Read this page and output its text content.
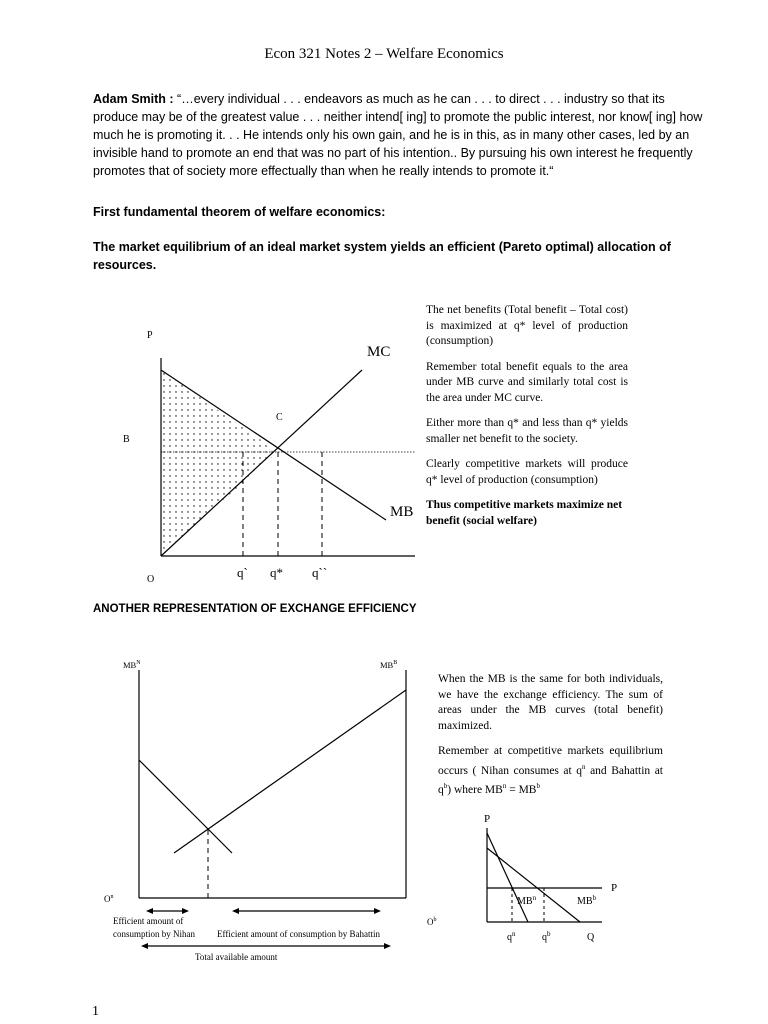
Econ 321 Notes 2 – Welfare Economics
Adam Smith : “…every individual . . . endeavors as much as he can . . . to direct . . . industry so that its produce may be of the greatest value . . . neither intend[ ing] to promote the public interest, nor know[ ing] how much he is promoting it. . . He intends only his own gain, and he is in this, as in many other cases, led by an invisible hand to promote an end that was no part of his intention.. By pursuing his own interest he frequently promotes that of society more effectually than when he really intends to promote it.“
First fundamental theorem of welfare economics:
The market equilibrium of an ideal market system yields an efficient (Pareto optimal) allocation of resources.
P
MC
C
B
MB
O	q` q* q``
$MB^N$	$MB^B$
$O^n$
$O^b$
Efficient amount of
consumption by Nihan Efficient amount of consumption by Bahattin
Total available amount
P
P
$MB^n$	$MB^b$
$q^n$	$q^b$	Q

The net benefits (Total benefit – Total cost) is maximized at q* level of production (consumption)

Remember total benefit equals to the area under MB curve and similarly total cost is the area under MC curve.

Either more than q* and less than q* yields smaller net benefit to the society.

Clearly competitive markets will produce q* level of production (consumption)

Thus competitive markets maximize net benefit (social welfare)

ANOTHER REPRESENTATION OF EXCHANGE EFFICIENCY

When the MB is the same for both individuals, we have the exchange efficiency. The sum of areas under the MB curves (total benefit) maximized.

Remember at competitive markets equilibrium occurs ( Nihan consumes at $q^n$ and Bahattin at $q^b$) where $MB^n = MB^b$

1
